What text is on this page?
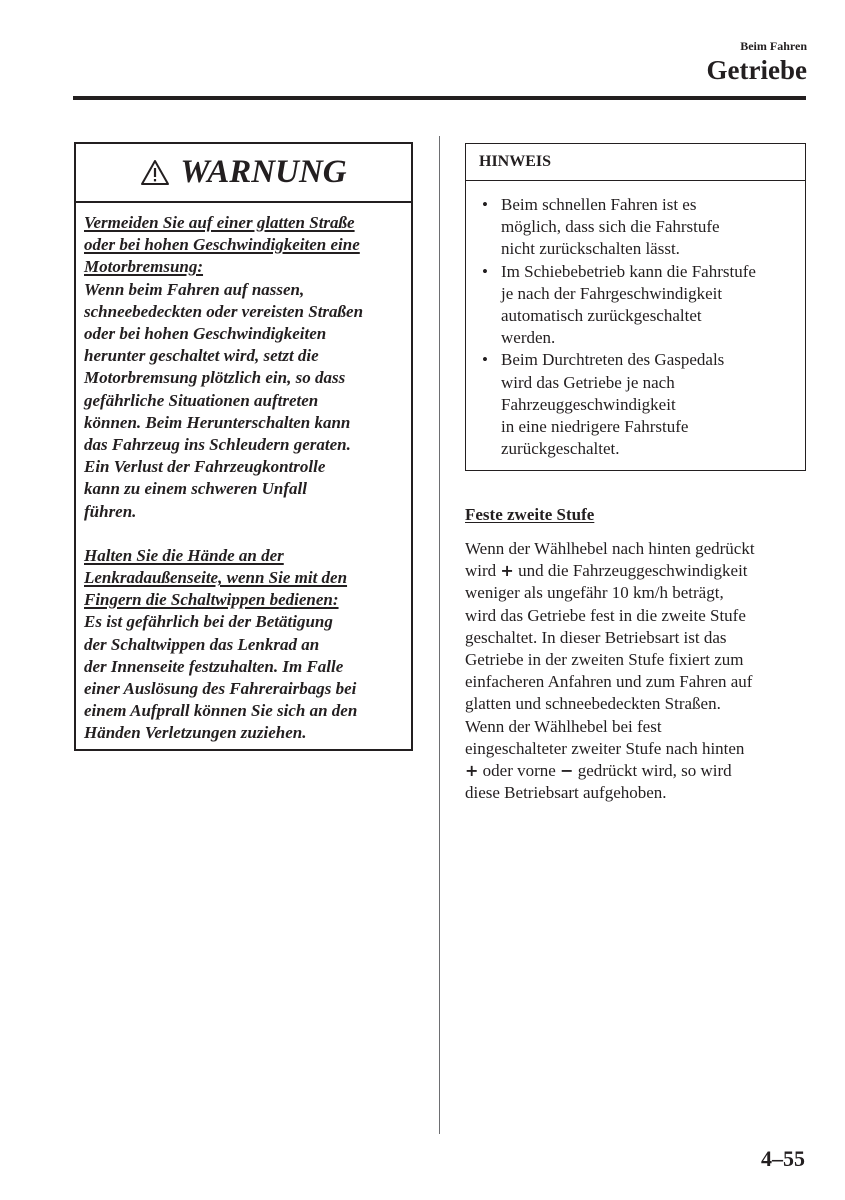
Beim Fahren
Getriebe
WARNUNG

Vermeiden Sie auf einer glatten Straße

oder bei hohen Geschwindigkeiten eine

Motorbremsung:

Wenn beim Fahren auf nassen,

schneebedeckten oder vereisten Straßen

oder bei hohen Geschwindigkeiten

herunter geschaltet wird, setzt die

Motorbremsung plötzlich ein, so dass

gefährliche Situationen auftreten

können. Beim Herunterschalten kann

das Fahrzeug ins Schleudern geraten.

Ein Verlust der Fahrzeugkontrolle

kann zu einem schweren Unfall

führen.

Halten Sie die Hände an der

Lenkradaußenseite, wenn Sie mit den

Fingern die Schaltwippen bedienen:

Es ist gefährlich bei der Betätigung

der Schaltwippen das Lenkrad an

der Innenseite festzuhalten. Im Falle

einer Auslösung des Fahrerairbags bei

einem Aufprall können Sie sich an den

Händen Verletzungen zuziehen.

HINWEIS
• Beim schnellen Fahren ist es
möglich, dass sich die Fahrstufe
nicht zurückschalten lässt.
• Im Schiebebetrieb kann die Fahrstufe
je nach der Fahrgeschwindigkeit
automatisch zurückgeschaltet
werden.
• Beim Durchtreten des Gaspedals
wird das Getriebe je nach
Fahrzeuggeschwindigkeit
in eine niedrigere Fahrstufe
zurückgeschaltet.
Feste zweite Stufe
Wenn der Wählhebel nach hinten gedrückt
wird + und die Fahrzeuggeschwindigkeit
weniger als ungefähr 10 km/h beträgt,
wird das Getriebe fest in die zweite Stufe
geschaltet. In dieser Betriebsart ist das
Getriebe in der zweiten Stufe fixiert zum
einfacheren Anfahren und zum Fahren auf
glatten und schneebedeckten Straßen.
Wenn der Wählhebel bei fest
eingeschalteter zweiter Stufe nach hinten
+ oder vorne − gedrückt wird, so wird
diese Betriebsart aufgehoben.
4–55
